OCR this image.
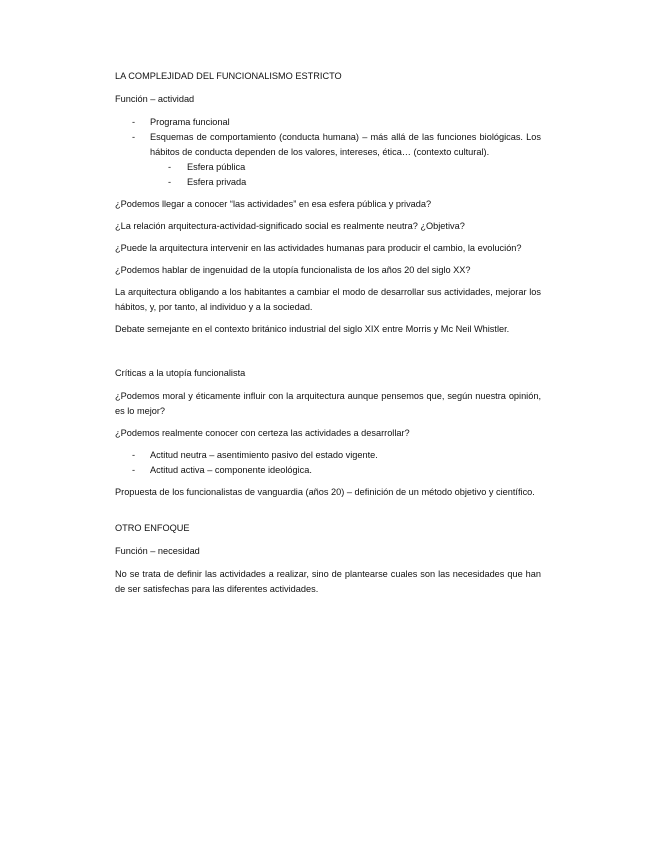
LA COMPLEJIDAD DEL FUNCIONALISMO ESTRICTO
Función – actividad
- Programa funcional
- Esquemas de comportamiento (conducta humana) – más allá de las funciones biológicas. Los hábitos de conducta dependen de los valores, intereses, ética… (contexto cultural).
- Esfera pública
- Esfera privada

¿Podemos llegar a conocer “las actividades” en esa esfera pública y privada?

¿La relación arquitectura-actividad-significado social es realmente neutra? ¿Objetiva?

¿Puede la arquitectura intervenir en las actividades humanas para producir el cambio, la evolución?

¿Podemos hablar de ingenuidad de la utopía funcionalista de los años 20 del siglo XX?

La arquitectura obligando a los habitantes a cambiar el modo de desarrollar sus actividades, mejorar los hábitos, y, por tanto, al individuo y a la sociedad.

Debate semejante en el contexto británico industrial del siglo XIX entre Morris y Mc Neil Whistler.

Críticas a la utopía funcionalista

¿Podemos moral y éticamente influir con la arquitectura aunque pensemos que, según nuestra opinión, es lo mejor?

¿Podemos realmente conocer con certeza las actividades a desarrollar?

- Actitud neutra – asentimiento pasivo del estado vigente.
- Actitud activa – componente ideológica.

Propuesta de los funcionalistas de vanguardia (años 20) – definición de un método objetivo y científico.

OTRO ENFOQUE
Función – necesidad

No se trata de definir las actividades a realizar, sino de plantearse cuales son las necesidades que han de ser satisfechas para las diferentes actividades.
